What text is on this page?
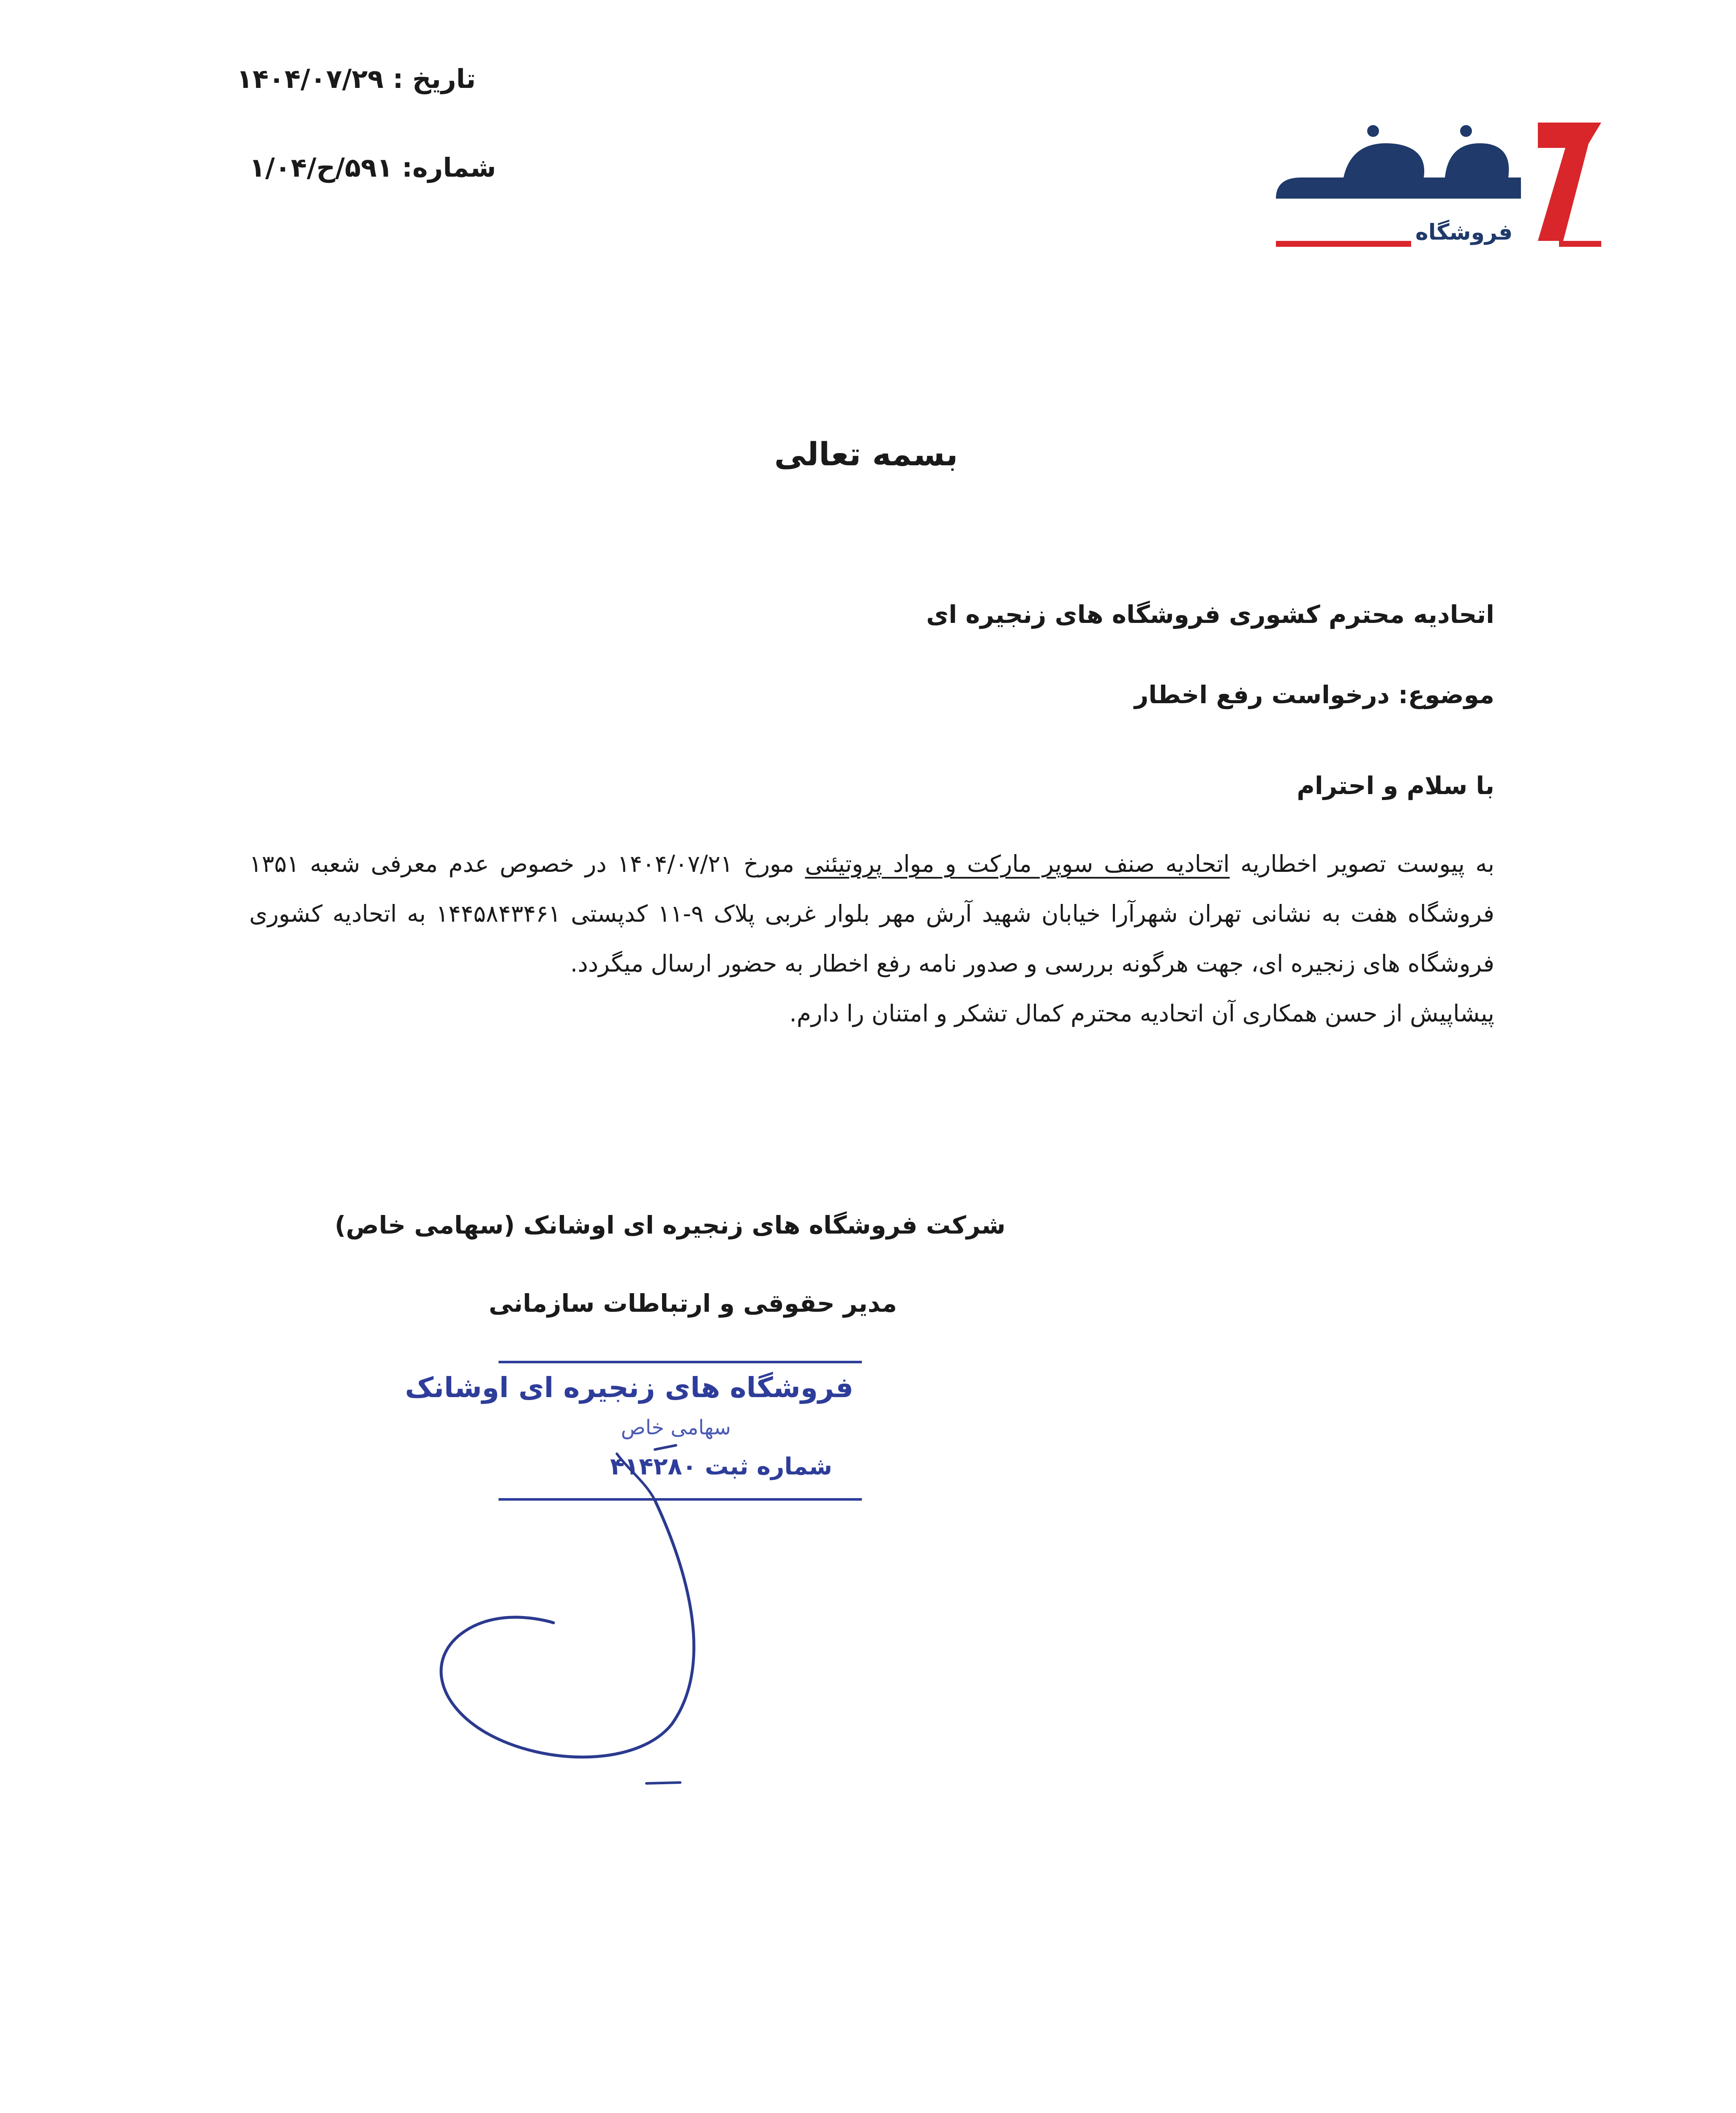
تاریخ : ۱۴۰۴/۰۷/۲۹
شماره: ۵۹۱/ح/۱/۰۴
فروشگاه
بسمه تعالی
اتحادیه محترم کشوری فروشگاه های زنجیره ای
موضوع: درخواست رفع اخطار
با سلام و احترام

به پیوست تصویر اخطاریه اتحادیه صنف سوپر مارکت و مواد پروتیئنی مورخ ۱۴۰۴/۰۷/۲۱ در خصوص عدم معرفی شعبه ۱۳۵۱ فروشگاه هفت به نشانی تهران شهرآرا خیابان شهید آرش مهر بلوار غربی پلاک ۹-۱۱ کدپستی ۱۴۴۵۸۴۳۴۶۱ به اتحادیه کشوری فروشگاه های زنجیره ای، جهت هرگونه بررسی و صدور نامه رفع اخطار به حضور ارسال میگردد.

پیشاپیش از حسن همکاری آن اتحادیه محترم کمال تشکر و امتنان را دارم.

شرکت فروشگاه های زنجیره ای اوشانک (سهامی خاص)
مدیر حقوقی و ارتباطات سازمانی
فروشگاه های زنجیره ای اوشانک
سهامی خاص
شماره ثبت ۴۱۴۲۸۰
